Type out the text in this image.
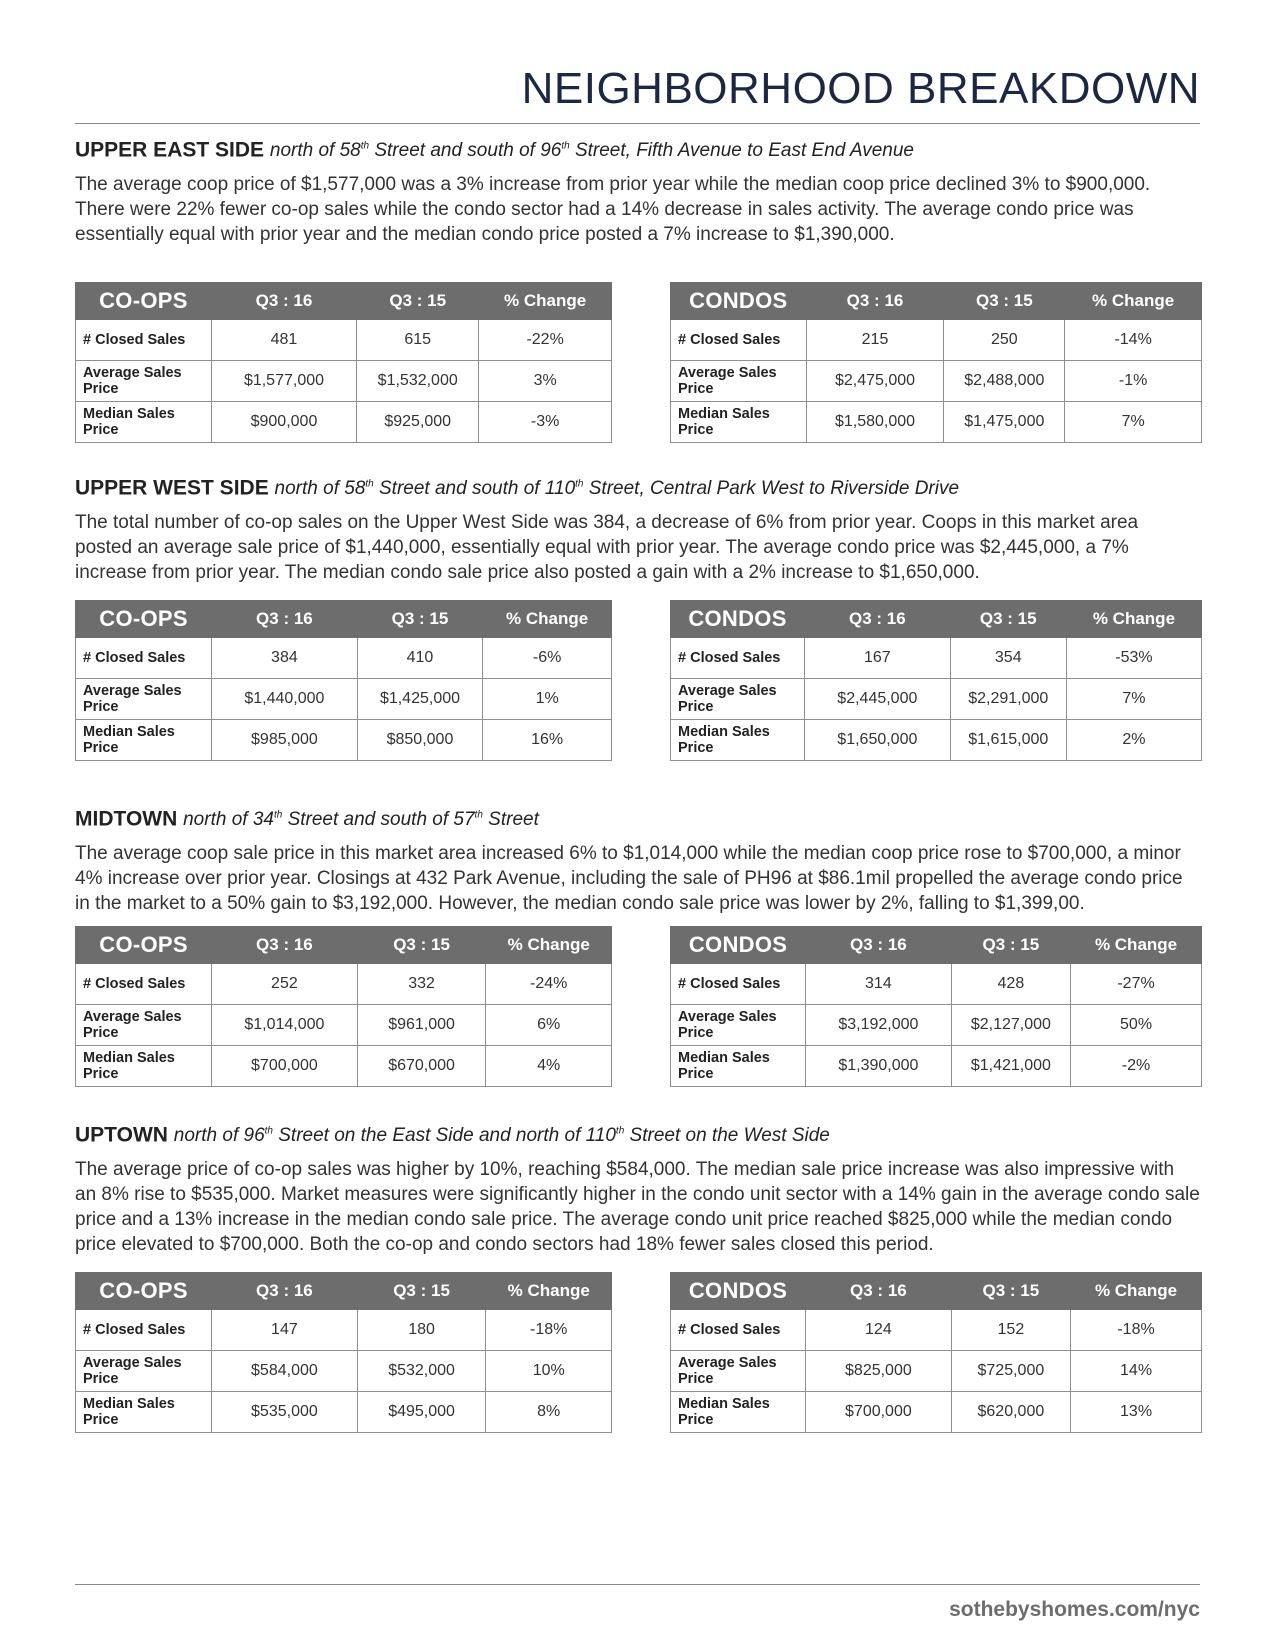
NEIGHBORHOOD BREAKDOWN
UPPER EAST SIDE north of 58th Street and south of 96th Street, Fifth Avenue to East End Avenue

The average coop price of $1,577,000 was a 3% increase from prior year while the median coop price declined 3% to $900,000. There were 22% fewer co-op sales while the condo sector had a 14% decrease in sales activity. The average condo price was essentially equal with prior year and the median condo price posted a 7% increase to $1,390,000.

CO-OPS	Q3 : 16	Q3 : 15	% Change
# Closed Sales	481	615	-22%
Average Sales Price	$1,577,000	$1,532,000	3%
Median Sales Price	$900,000	$925,000	-3%
CONDOS	Q3 : 16	Q3 : 15	% Change
# Closed Sales	215	250	-14%
Average Sales Price	$2,475,000	$2,488,000	-1%
Median Sales Price	$1,580,000	$1,475,000	7%
UPPER WEST SIDE north of 58th Street and south of 110th Street, Central Park West to Riverside Drive

The total number of co-op sales on the Upper West Side was 384, a decrease of 6% from prior year. Coops in this market area posted an average sale price of $1,440,000, essentially equal with prior year. The average condo price was $2,445,000, a 7% increase from prior year. The median condo sale price also posted a gain with a 2% increase to $1,650,000.

CO-OPS	Q3 : 16	Q3 : 15	% Change
# Closed Sales	384	410	-6%
Average Sales Price	$1,440,000	$1,425,000	1%
Median Sales Price	$985,000	$850,000	16%
CONDOS	Q3 : 16	Q3 : 15	% Change
# Closed Sales	167	354	-53%
Average Sales Price	$2,445,000	$2,291,000	7%
Median Sales Price	$1,650,000	$1,615,000	2%
MIDTOWN north of 34th Street and south of 57th Street

The average coop sale price in this market area increased 6% to $1,014,000 while the median coop price rose to $700,000, a minor 4% increase over prior year. Closings at 432 Park Avenue, including the sale of PH96 at $86.1mil propelled the average condo price in the market to a 50% gain to $3,192,000. However, the median condo sale price was lower by 2%, falling to $1,399,00.

CO-OPS	Q3 : 16	Q3 : 15	% Change
# Closed Sales	252	332	-24%
Average Sales Price	$1,014,000	$961,000	6%
Median Sales Price	$700,000	$670,000	4%
CONDOS	Q3 : 16	Q3 : 15	% Change
# Closed Sales	314	428	-27%
Average Sales Price	$3,192,000	$2,127,000	50%
Median Sales Price	$1,390,000	$1,421,000	-2%
UPTOWN north of 96th Street on the East Side and north of 110th Street on the West Side

The average price of co-op sales was higher by 10%, reaching $584,000. The median sale price increase was also impressive with an 8% rise to $535,000. Market measures were significantly higher in the condo unit sector with a 14% gain in the average condo sale price and a 13% increase in the median condo sale price. The average condo unit price reached $825,000 while the median condo price elevated to $700,000. Both the co-op and condo sectors had 18% fewer sales closed this period.

CO-OPS	Q3 : 16	Q3 : 15	% Change
# Closed Sales	147	180	-18%
Average Sales Price	$584,000	$532,000	10%
Median Sales Price	$535,000	$495,000	8%
CONDOS	Q3 : 16	Q3 : 15	% Change
# Closed Sales	124	152	-18%
Average Sales Price	$825,000	$725,000	14%
Median Sales Price	$700,000	$620,000	13%
sothebyshomes.com/nyc
